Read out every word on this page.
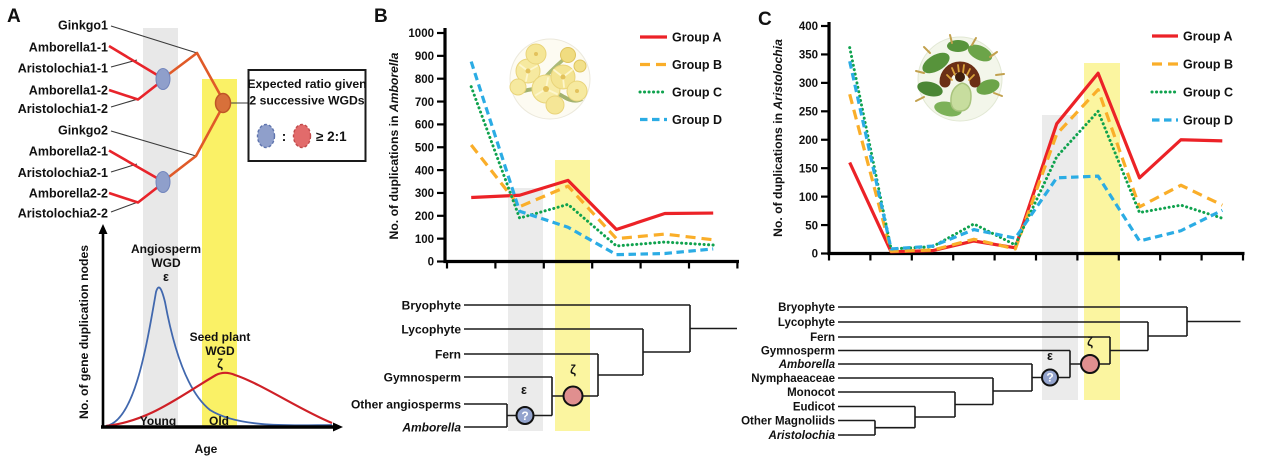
Ginkgo1
Amborella1-1
Aristolochia1-1
Amborella1-2
Aristolochia1-2
Ginkgo2
Amborella2-1
Aristolochia2-1
Amborella2-2
Aristolochia2-2
Expected ratio given
2 successive WGDs
: ≥ 2:1
No. of gene duplication nodes	Angiosperm
WGD
ε
Seed plant
WGD
ζ
Young	Old
Age
A
0
100
200
300
400
500
600
700
800
900
1000
No. of duplications in Amborella
Group A
Group B
Group C
Group D
?
ε
ζ
Bryophyte
Lycophyte
Fern
Gymnosperm
Other angiosperms
Amborella
B
0
50
100
150
200
250
300
350
400
No. of duplications in Aristolochia
Group A
Group B
Group C
Group D
?
ε
ζ
Bryophyte
Lycophyte
Fern
Gymnosperm
Amborella
Nymphaeaceae
Monocot
Eudicot
Other Magnoliids
Aristolochia
C
